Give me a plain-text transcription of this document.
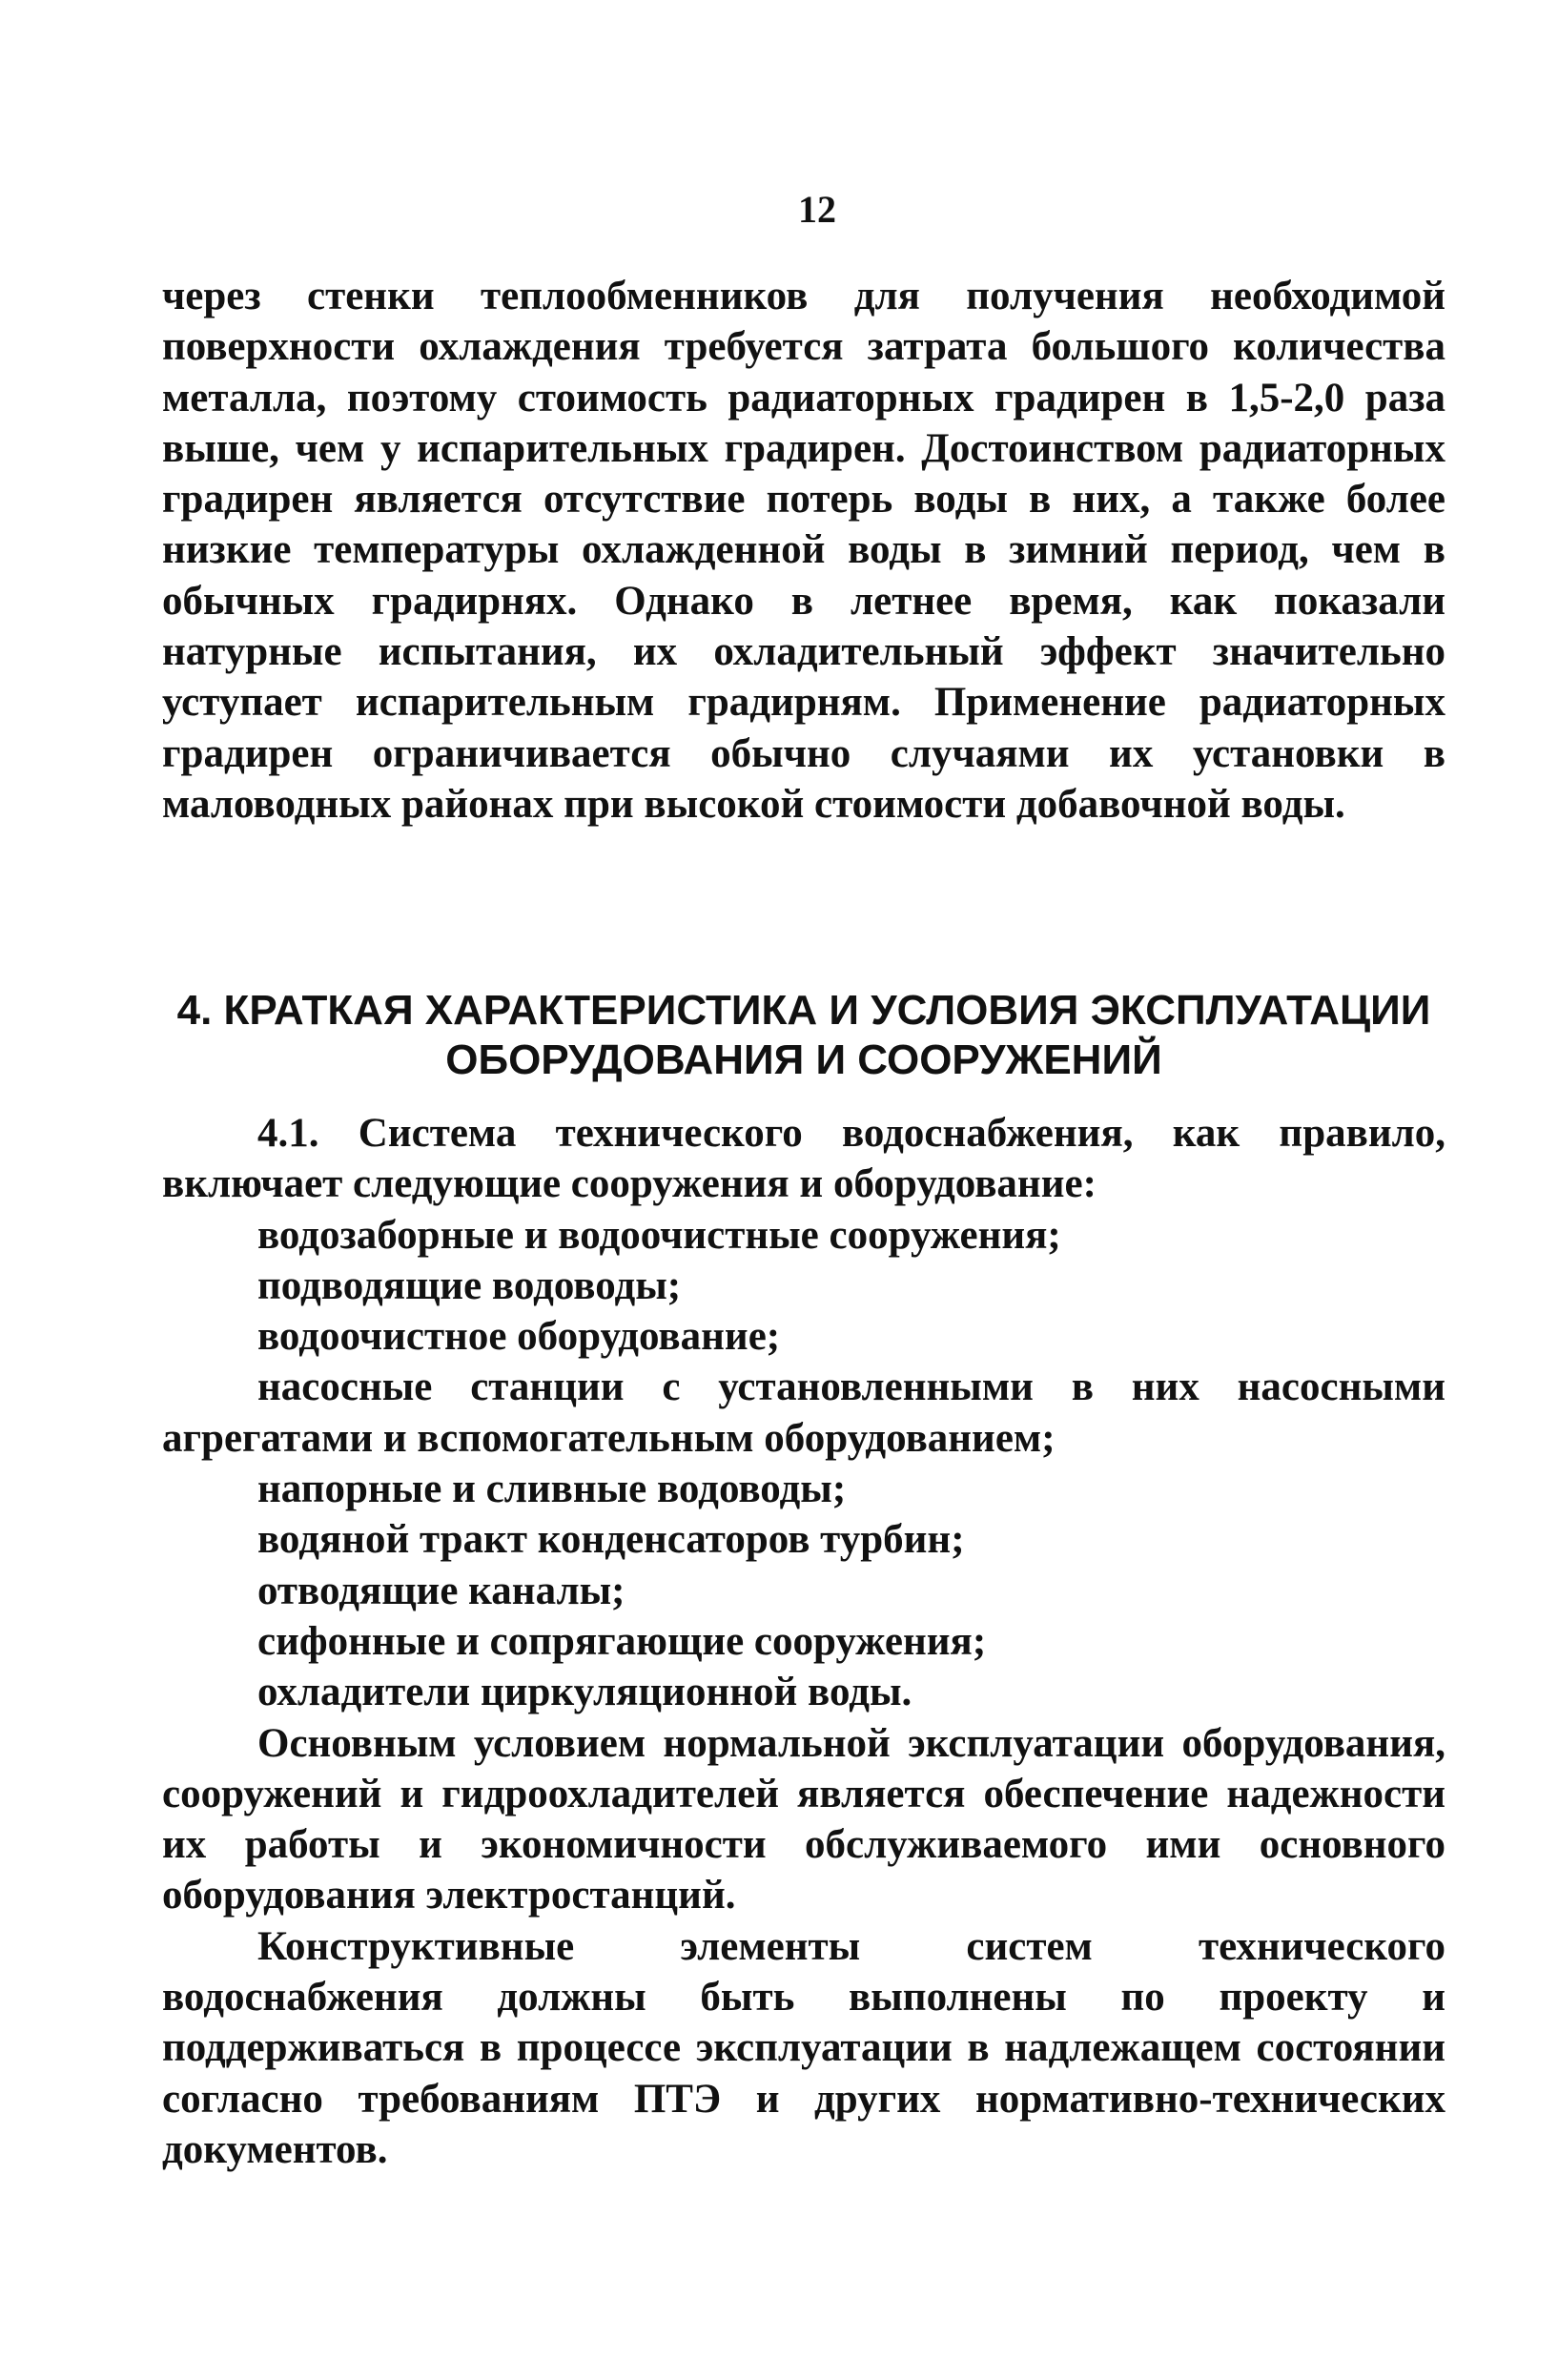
12

через стенки теплообменников для получения необходимой поверхности охлаждения требуется затрата большого количества металла, поэтому стоимость радиаторных градирен в 1,5-2,0 раза выше, чем у испарительных градирен. Достоинством радиаторных градирен является отсутствие потерь воды в них, а также более низкие температуры охлажденной воды в зимний период, чем в обычных градирнях. Однако в летнее время, как показали натурные испытания, их охладительный эффект значительно уступает испарительным градирням. Применение радиаторных градирен ограничивается обычно случаями их установки в маловодных районах при высокой стоимости добавочной воды.

4. КРАТКАЯ ХАРАКТЕРИСТИКА И УСЛОВИЯ ЭКСПЛУАТАЦИИ
ОБОРУДОВАНИЯ И СООРУЖЕНИЙ

4.1. Система технического водоснабжения, как правило, включает следующие сооружения и оборудование:

водозаборные и водоочистные сооружения;

подводящие водоводы;

водоочистное оборудование;

насосные станции с установленными в них насосными агрегатами и вспомогательным оборудованием;

напорные и сливные водоводы;

водяной тракт конденсаторов турбин;

отводящие каналы;

сифонные и сопрягающие сооружения;

охладители циркуляционной воды.

Основным условием нормальной эксплуатации оборудования, сооружений и гидроохладителей является обеспечение надежности их работы и экономичности обслуживаемого ими основного оборудования электростанций.

Конструктивные элементы систем технического водоснабжения должны быть выполнены по проекту и поддерживаться в процессе эксплуатации в надлежащем состоянии согласно требованиям ПТЭ и других нормативно-технических документов.
